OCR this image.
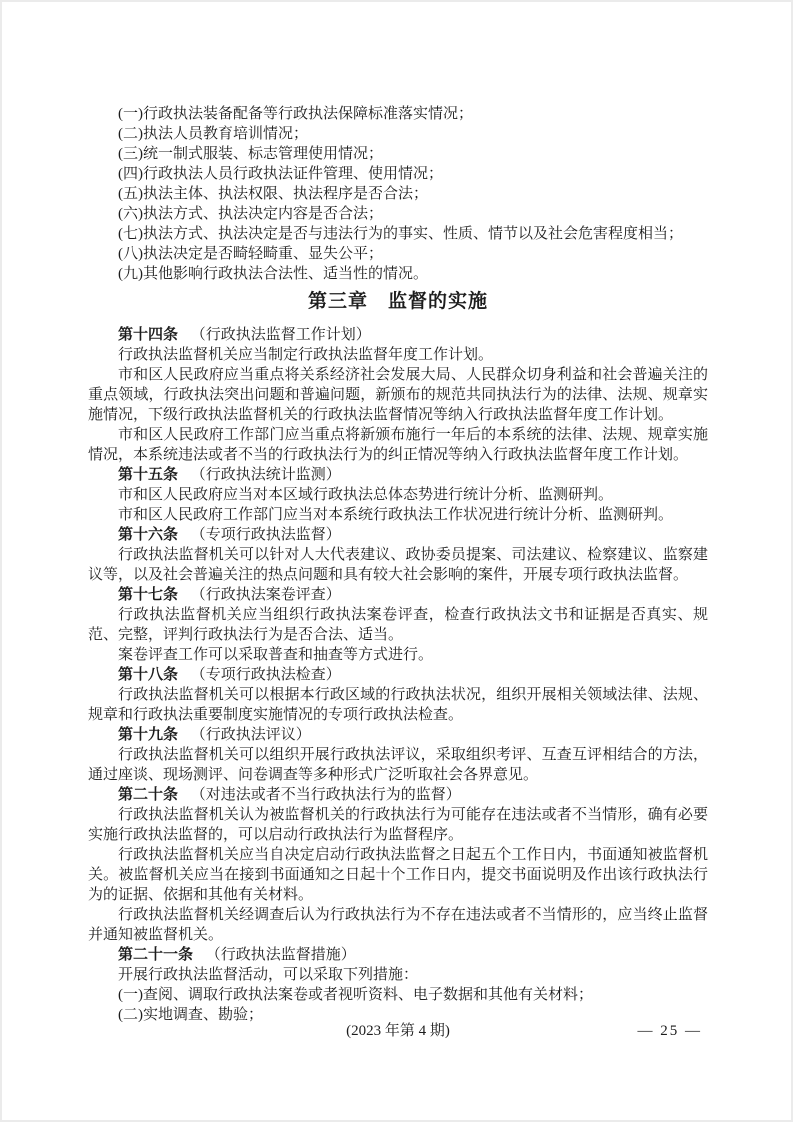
(一)行政执法装备配备等行政执法保障标准落实情况；

(二)执法人员教育培训情况；

(三)统一制式服装、标志管理使用情况；

(四)行政执法人员行政执法证件管理、使用情况；

(五)执法主体、执法权限、执法程序是否合法；

(六)执法方式、执法决定内容是否合法；

(七)执法方式、执法决定是否与违法行为的事实、性质、情节以及社会危害程度相当；

(八)执法决定是否畸轻畸重、显失公平；

(九)其他影响行政执法合法性、适当性的情况。

第三章　监督的实施

第十四条 （行政执法监督工作计划）

行政执法监督机关应当制定行政执法监督年度工作计划。

市和区人民政府应当重点将关系经济社会发展大局、人民群众切身利益和社会普遍关注的重点领域，行政执法突出问题和普遍问题，新颁布的规范共同执法行为的法律、法规、规章实施情况，下级行政执法监督机关的行政执法监督情况等纳入行政执法监督年度工作计划。

市和区人民政府工作部门应当重点将新颁布施行一年后的本系统的法律、法规、规章实施情况，本系统违法或者不当的行政执法行为的纠正情况等纳入行政执法监督年度工作计划。

第十五条 （行政执法统计监测）

市和区人民政府应当对本区域行政执法总体态势进行统计分析、监测研判。

市和区人民政府工作部门应当对本系统行政执法工作状况进行统计分析、监测研判。

第十六条 （专项行政执法监督）

行政执法监督机关可以针对人大代表建议、政协委员提案、司法建议、检察建议、监察建议等，以及社会普遍关注的热点问题和具有较大社会影响的案件，开展专项行政执法监督。

第十七条 （行政执法案卷评查）

行政执法监督机关应当组织行政执法案卷评查，检查行政执法文书和证据是否真实、规范、完整，评判行政执法行为是否合法、适当。

案卷评查工作可以采取普查和抽查等方式进行。

第十八条 （专项行政执法检查）

行政执法监督机关可以根据本行政区域的行政执法状况，组织开展相关领域法律、法规、规章和行政执法重要制度实施情况的专项行政执法检查。

第十九条 （行政执法评议）

行政执法监督机关可以组织开展行政执法评议，采取组织考评、互查互评相结合的方法，通过座谈、现场测评、问卷调查等多种形式广泛听取社会各界意见。

第二十条 （对违法或者不当行政执法行为的监督）

行政执法监督机关认为被监督机关的行政执法行为可能存在违法或者不当情形，确有必要实施行政执法监督的，可以启动行政执法行为监督程序。

行政执法监督机关应当自决定启动行政执法监督之日起五个工作日内，书面通知被监督机关。被监督机关应当在接到书面通知之日起十个工作日内，提交书面说明及作出该行政执法行为的证据、依据和其他有关材料。

行政执法监督机关经调查后认为行政执法行为不存在违法或者不当情形的，应当终止监督并通知被监督机关。

第二十一条 （行政执法监督措施）

开展行政执法监督活动，可以采取下列措施：

(一)查阅、调取行政执法案卷或者视听资料、电子数据和其他有关材料；

(二)实地调查、勘验；

(2023 年第 4 期)	— 25 —
